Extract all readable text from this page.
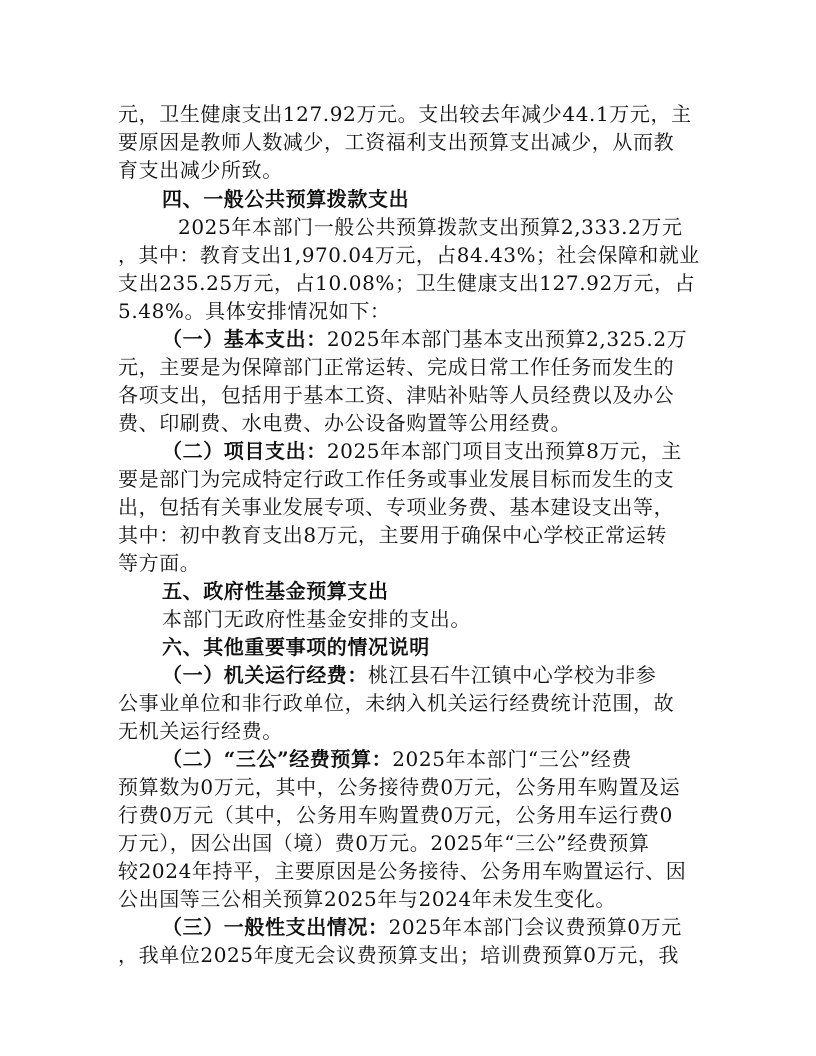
元，卫生健康支出127.92万元。支出较去年减少44.1万元，主
要原因是教师人数减少，工资福利支出预算支出减少，从而教
育支出减少所致。
四、一般公共预算拨款支出
2025年本部门一般公共预算拨款支出预算2,333.2万元
，其中：教育支出1,970.04万元，占84.43%；社会保障和就业
支出235.25万元，占10.08%；卫生健康支出127.92万元，占
5.48%。具体安排情况如下：
（一）基本支出：2025年本部门基本支出预算2,325.2万
元，主要是为保障部门正常运转、完成日常工作任务而发生的
各项支出，包括用于基本工资、津贴补贴等人员经费以及办公
费、印刷费、水电费、办公设备购置等公用经费。
（二）项目支出：2025年本部门项目支出预算8万元，主
要是部门为完成特定行政工作任务或事业发展目标而发生的支
出，包括有关事业发展专项、专项业务费、基本建设支出等，
其中：初中教育支出8万元，主要用于确保中心学校正常运转
等方面。
五、政府性基金预算支出
本部门无政府性基金安排的支出。
六、其他重要事项的情况说明
（一）机关运行经费：桃江县石牛江镇中心学校为非参
公事业单位和非行政单位，未纳入机关运行经费统计范围，故
无机关运行经费。
（二）“三公”经费预算：2025年本部门“三公”经费
预算数为0万元，其中，公务接待费0万元，公务用车购置及运
行费0万元（其中，公务用车购置费0万元，公务用车运行费0
万元），因公出国（境）费0万元。2025年“三公”经费预算
较2024年持平，主要原因是公务接待、公务用车购置运行、因
公出国等三公相关预算2025年与2024年未发生变化。
（三）一般性支出情况：2025年本部门会议费预算0万元
，我单位2025年度无会议费预算支出；培训费预算0万元，我
